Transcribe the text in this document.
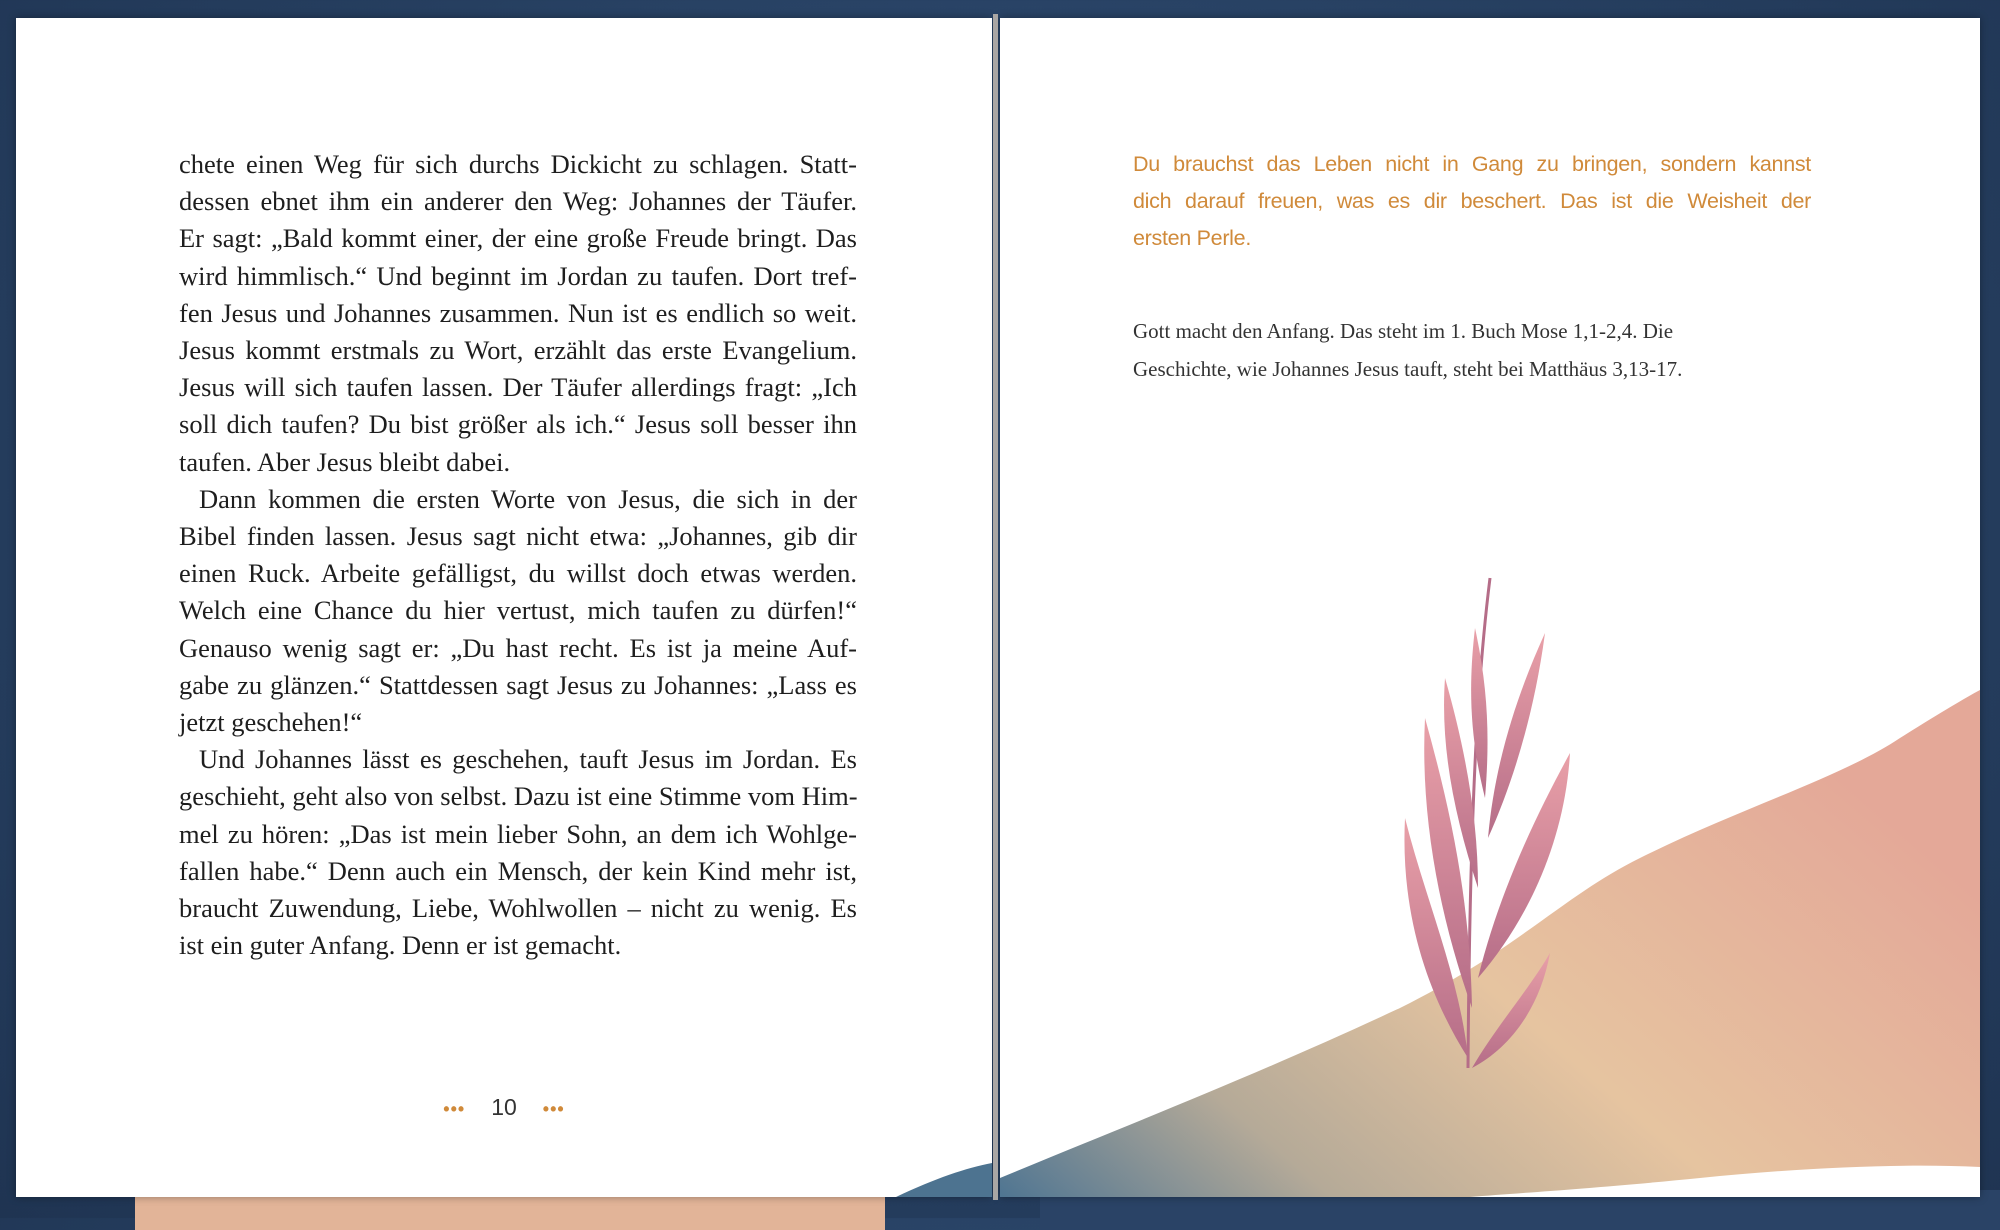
chete einen Weg für sich durchs Dickicht zu schlagen. Statt-
dessen ebnet ihm ein anderer den Weg: Johannes der Täufer.
Er sagt: „Bald kommt einer, der eine große Freude bringt. Das
wird himmlisch.“ Und beginnt im Jordan zu taufen. Dort tref-
fen Jesus und Johannes zusammen. Nun ist es endlich so weit.
Jesus kommt erstmals zu Wort, erzählt das erste Evangelium.
Jesus will sich taufen lassen. Der Täufer allerdings fragt: „Ich
soll dich taufen? Du bist größer als ich.“ Jesus soll besser ihn
taufen. Aber Jesus bleibt dabei.
Dann kommen die ersten Worte von Jesus, die sich in der
Bibel finden lassen. Jesus sagt nicht etwa: „Johannes, gib dir
einen Ruck. Arbeite gefälligst, du willst doch etwas werden.
Welch eine Chance du hier vertust, mich taufen zu dürfen!“
Genauso wenig sagt er: „Du hast recht. Es ist ja meine Auf-
gabe zu glänzen.“ Stattdessen sagt Jesus zu Johannes: „Lass es
jetzt geschehen!“
Und Johannes lässt es geschehen, tauft Jesus im Jordan. Es
geschieht, geht also von selbst. Dazu ist eine Stimme vom Him-
mel zu hören: „Das ist mein lieber Sohn, an dem ich Wohlge-
fallen habe.“ Denn auch ein Mensch, der kein Kind mehr ist,
braucht Zuwendung, Liebe, Wohlwollen – nicht zu wenig. Es
ist ein guter Anfang. Denn er ist gemacht.
••• 10 •••
Du brauchst das Leben nicht in Gang zu bringen, sondern kannst
dich darauf freuen, was es dir beschert. Das ist die Weisheit der
ersten Perle.
Gott macht den Anfang. Das steht im 1. Buch Mose 1,1-2,4. Die
Geschichte, wie Johannes Jesus tauft, steht bei Matthäus 3,13-17.
